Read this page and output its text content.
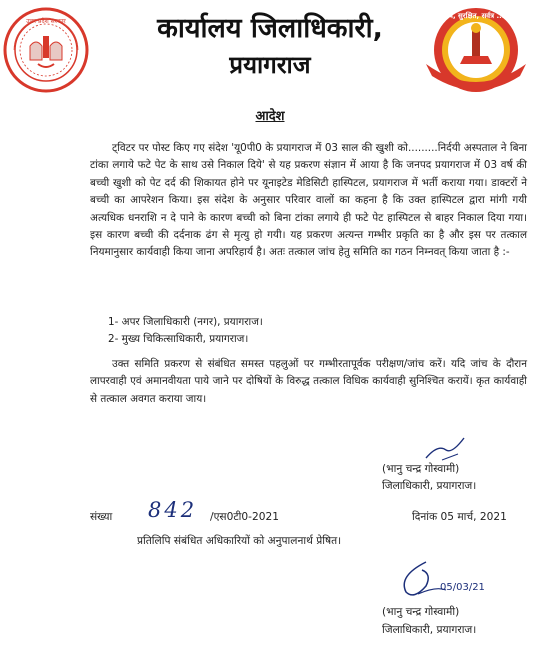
उत्तर प्रदेश सरकार
स्वच्छ, स्वस्थ, सुरक्षित, सर्वत्र ... 100 वर्ष
कार्यालय जिलाधिकारी,
प्रयागराज
आदेश
ट्विटर पर पोस्ट किए गए संदेश 'यू0पी0 के प्रयागराज में 03 साल की खुशी को.........निर्दयी अस्पताल ने बिना टांका लगाये फटे पेट के साथ उसे निकाल दिये' से यह प्रकरण संज्ञान में आया है कि जनपद प्रयागराज में 03 वर्ष की बच्ची खुशी को पेट दर्द की शिकायत होने पर यूनाइटेड मेडिसिटी हास्पिटल, प्रयागराज में भर्ती कराया गया। डाक्टरों ने बच्ची का आपरेशन किया। इस संदेश के अनुसार परिवार वालों का कहना है कि उक्त हास्पिटल द्वारा मांगी गयी अत्यधिक धनराशि न दे पाने के कारण बच्ची को बिना टांका लगाये ही फटे पेट हास्पिटल से बाहर निकाल दिया गया। इस कारण बच्ची की दर्दनाक ढंग से मृत्यु हो गयी। यह प्रकरण अत्यन्त गम्भीर प्रकृति का है और इस पर तत्काल नियमानुसार कार्यवाही किया जाना अपरिहार्य है। अतः तत्काल जांच हेतु समिति का गठन निम्नवत् किया जाता है :-
1- अपर जिलाधिकारी (नगर), प्रयागराज।
2- मुख्य चिकित्साधिकारी, प्रयागराज।
उक्त समिति प्रकरण से संबंधित समस्त पहलुओं पर गम्भीरतापूर्वक परीक्षण/जांच करें। यदि जांच के दौरान लापरवाही एवं अमानवीयता पाये जाने पर दोषियों के विरुद्ध तत्काल विधिक कार्यवाही सुनिश्चित करायें। कृत कार्यवाही से तत्काल अवगत कराया जाय।
(भानु चन्द्र गोस्वामी)
जिलाधिकारी, प्रयागराज।
संख्या 842 /एस0टी0-2021	दिनांक 05 मार्च, 2021
प्रतिलिपि संबंधित अधिकारियों को अनुपालनार्थ प्रेषित।
05/03/21
(भानु चन्द्र गोस्वामी)
जिलाधिकारी, प्रयागराज।
